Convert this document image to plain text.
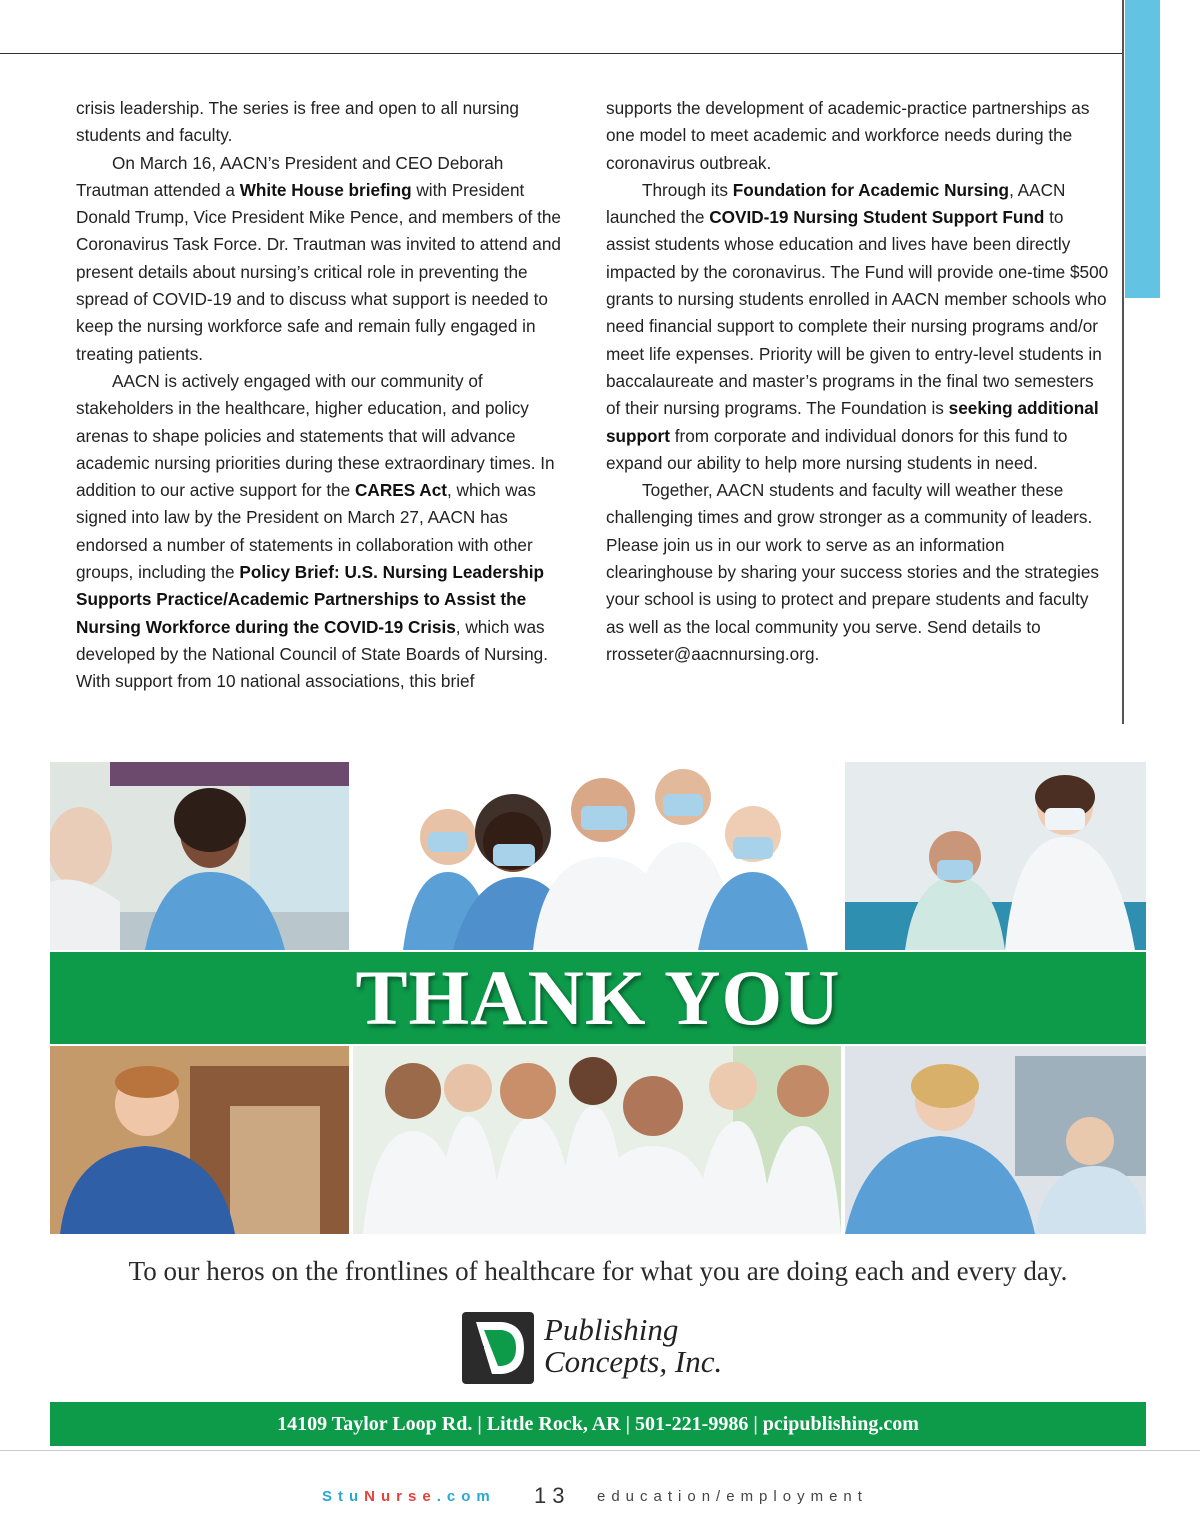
crisis leadership. The series is free and open to all nursing students and faculty.

On March 16, AACN’s President and CEO Deborah Trautman attended a White House briefing with President Donald Trump, Vice President Mike Pence, and members of the Coronavirus Task Force. Dr. Trautman was invited to attend and present details about nursing’s critical role in preventing the spread of COVID-19 and to discuss what support is needed to keep the nursing workforce safe and remain fully engaged in treating patients.

AACN is actively engaged with our community of stakeholders in the healthcare, higher education, and policy arenas to shape policies and statements that will advance academic nursing priorities during these extraordinary times. In addition to our active support for the CARES Act, which was signed into law by the President on March 27, AACN has endorsed a number of statements in collaboration with other groups, including the Policy Brief: U.S. Nursing Leadership Supports Practice/Academic Partnerships to Assist the Nursing Workforce during the COVID-19 Crisis, which was developed by the National Council of State Boards of Nursing. With support from 10 national associations, this brief

supports the development of academic-practice partnerships as one model to meet academic and workforce needs during the coronavirus outbreak.

Through its Foundation for Academic Nursing, AACN launched the COVID-19 Nursing Student Support Fund to assist students whose education and lives have been directly impacted by the coronavirus. The Fund will provide one-time $500 grants to nursing students enrolled in AACN member schools who need financial support to complete their nursing programs and/or meet life expenses. Priority will be given to entry-level students in baccalaureate and master’s programs in the final two semesters of their nursing programs. The Foundation is seeking additional support from corporate and individual donors for this fund to expand our ability to help more nursing students in need.

Together, AACN students and faculty will weather these challenging times and grow stronger as a community of leaders. Please join us in our work to serve as an information clearinghouse by sharing your success stories and the strategies your school is using to protect and prepare students and faculty as well as the local community you serve. Send details to rrosseter@aacnnursing.org.

THANK YOU
To our heros on the frontlines of healthcare for what you are doing each and every day.
Publishing
Concepts, Inc.
14109 Taylor Loop Rd. | Little Rock, AR | 501-221-9986 | pcipublishing.com
StuNurse.com 13 education/employment
